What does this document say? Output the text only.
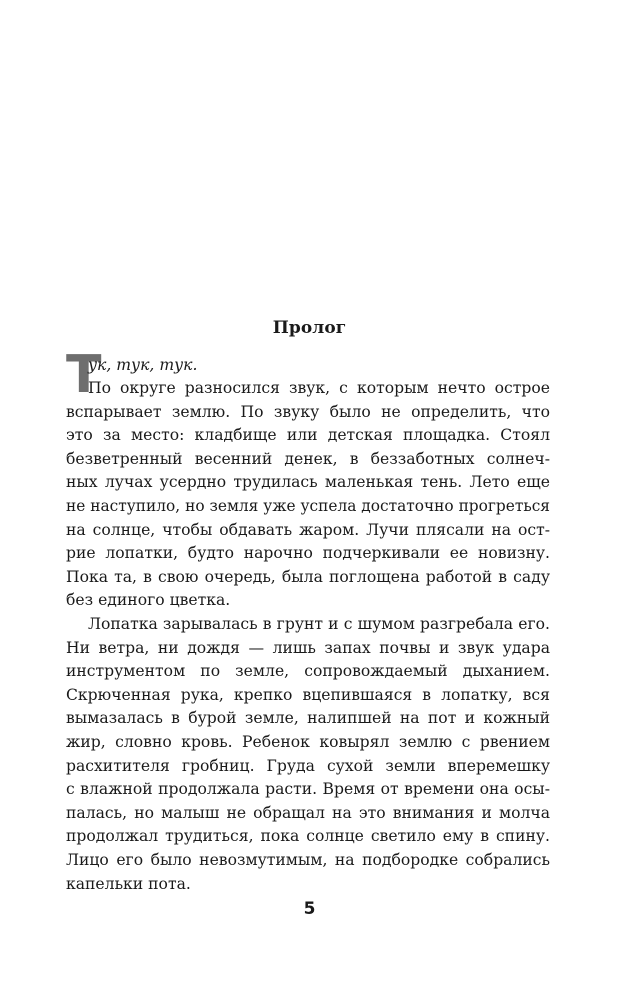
Пролог
Т
ук, тук, тук.
По округе разносился звук, с которым нечто острое
вспарывает землю. По звуку было не определить, что
это за место: кладбище или детская площадка. Стоял
безветренный весенний денек, в беззаботных солнеч-
ных лучах усердно трудилась маленькая тень. Лето еще
не наступило, но земля уже успела достаточно прогреться
на солнце, чтобы обдавать жаром. Лучи плясали на ост-
рие лопатки, будто нарочно подчеркивали ее новизну.
Пока та, в свою очередь, была поглощена работой в саду
без единого цветка.
Лопатка зарывалась в грунт и с шумом разгребала его.
Ни ветра, ни дождя — лишь запах почвы и звук удара
инструментом по земле, сопровождаемый дыханием.
Скрюченная рука, крепко вцепившаяся в лопатку, вся
вымазалась в бурой земле, налипшей на пот и кожный
жир, словно кровь. Ребенок ковырял землю с рвением
расхитителя гробниц. Груда сухой земли вперемешку
с влажной продолжала расти. Время от времени она осы-
палась, но малыш не обращал на это внимания и молча
продолжал трудиться, пока солнце светило ему в спину.
Лицо его было невозмутимым, на подбородке собрались
капельки пота.
5
